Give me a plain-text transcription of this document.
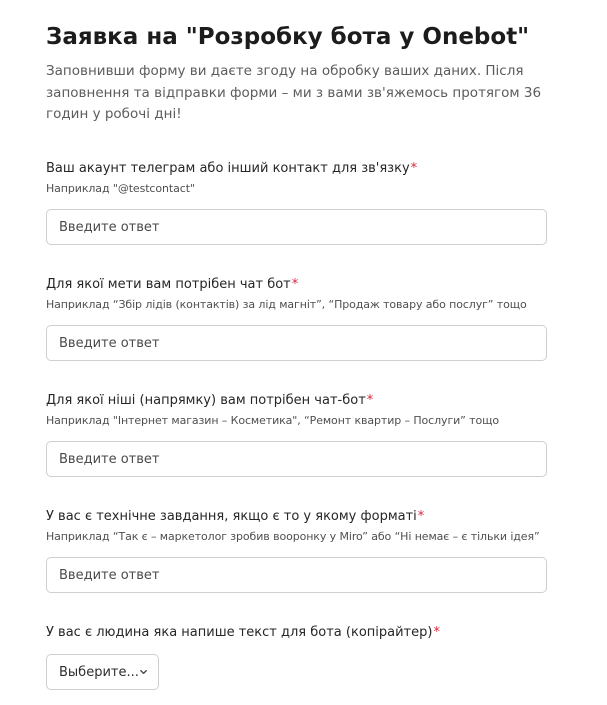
Заявка на "Розробку бота у Onebot"

Заповнивши форму ви даєте згоду на обробку ваших даних. Після заповнення та відправки форми – ми з вами зв'яжемось протягом 36 годин у робочі дні!

Ваш акаунт телеграм або інший контакт для зв'язку*
Наприклад "@testcontact"
Введите ответ
Для якої мети вам потрібен чат бот*
Наприклад “Збір лідів (контактів) за лід магніт”, “Продаж товару або послуг” тощо
Введите ответ
Для якої ніші (напрямку) вам потрібен чат-бот*
Наприклад "Інтернет магазин – Косметика", “Ремонт квартир – Послуги” тощо
Введите ответ
У вас є технічне завдання, якщо є то у якому форматі*
Наприклад “Так є – маркетолог зробив вооронку у Miro” або “Ні немає – є тільки ідея”
Введите ответ
У вас є людина яка напише текст для бота (копірайтер)*
Выберите...
